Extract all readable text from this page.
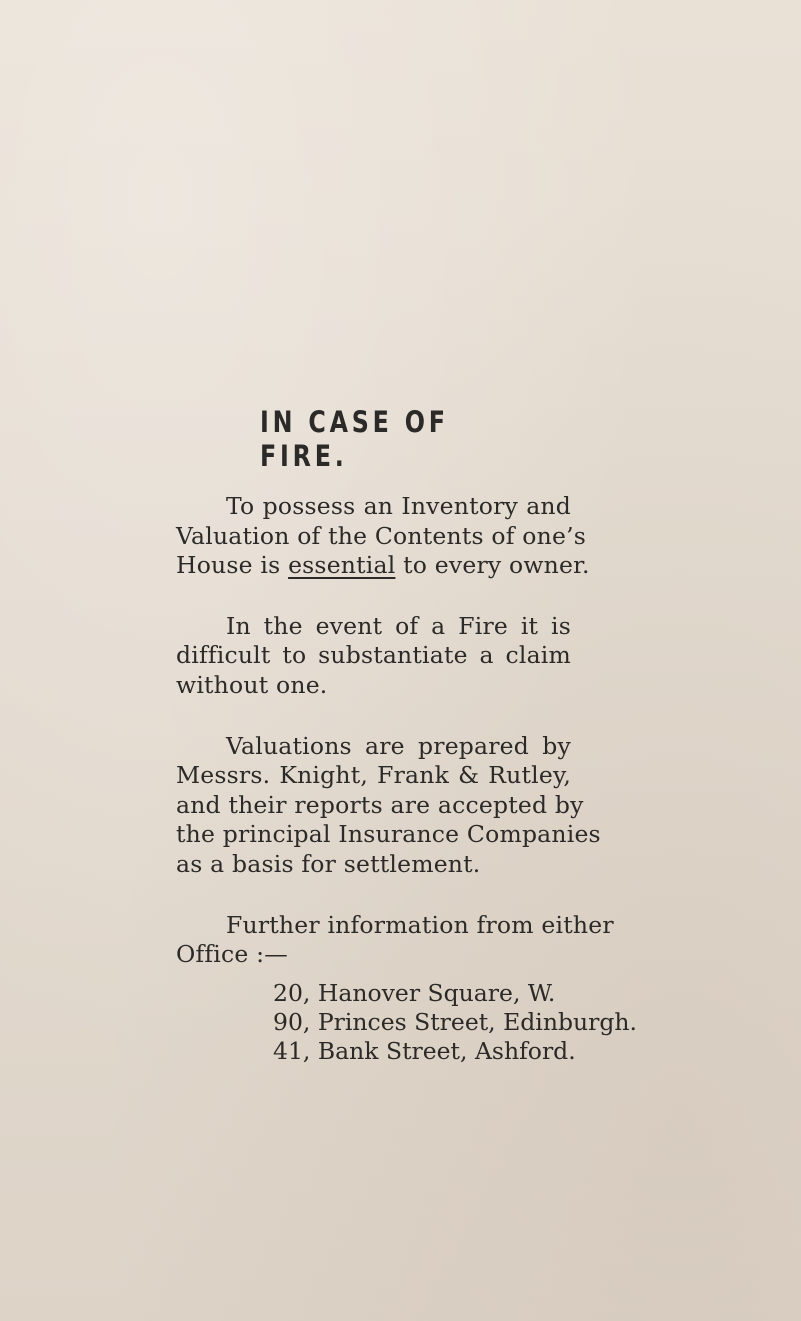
IN CASE OF FIRE.
To possess an Inventory and
Valuation of the Contents of one’s
House is essential to every owner.
In the event of a Fire it is
difficult to substantiate a claim
without one.
Valuations are prepared by
Messrs. Knight, Frank & Rutley,
and their reports are accepted by
the principal Insurance Companies
as a basis for settlement.
Further information from either
Office :—
20, Hanover Square, W.
90, Princes Street, Edinburgh.
41, Bank Street, Ashford.
